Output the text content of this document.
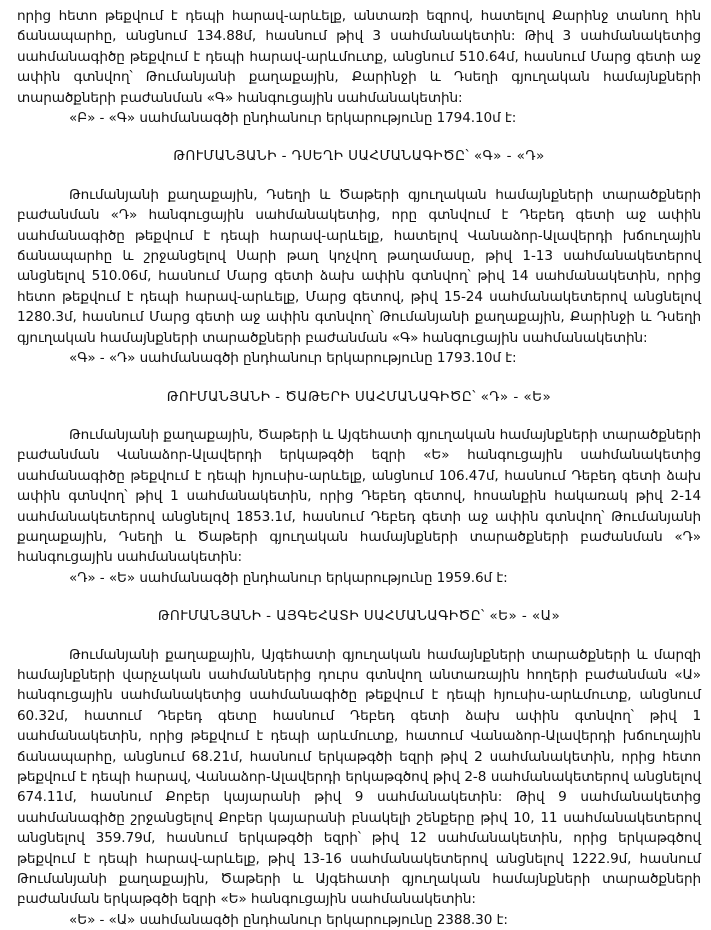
որից հետո թեքվում է դեպի հարավ-արևելք, անտառի եզրով, հատելով Քարինջ տանող հին ճանապարհը, անցնում 134.88մ, հասնում թիվ 3 սահմանակետին: Թիվ 3 սահմանակետից սահմանագիծը թեքվում է դեպի հարավ-արևմուտք, անցնում 510.64մ, հասնում Մարց գետի աջ ափին գտնվող՝ Թումանյանի քաղաքային, Քարինջի և Դսեղի գյուղական համայնքների տարածքների բաժանման «Գ» հանգուցային սահմանակետին:

«Բ» - «Գ» սահմանագծի ընդհանուր երկարությունը 1794.10մ է:

ԹՈՒՄԱՆՅԱՆԻ - ԴՍԵՂԻ ՍԱՀՄԱՆԱԳԻԾԸ՝ «Գ» - «Դ»

Թումանյանի քաղաքային, Դսեղի և Ծաթերի գյուղական համայնքների տարածքների բաժանման «Դ» հանգուցային սահմանակետից, որը գտնվում է Դեբեդ գետի աջ ափին սահմանագիծը թեքվում է դեպի հարավ-արևելք, հատելով Վանաձոր-Ալավերդի խճուղային ճանապարհը և շրջանցելով Սարի թաղ կոչվող թաղամասը, թիվ 1-13 սահմանակետերով անցնելով 510.06մ, հասնում Մարց գետի ձախ ափին գտնվող՝ թիվ 14 սահմանակետին, որից հետո թեքվում է դեպի հարավ-արևելք, Մարց գետով, թիվ 15-24 սահմանակետերով անցնելով 1280.3մ, հասնում Մարց գետի աջ ափին գտնվող՝ Թումանյանի քաղաքային, Քարինջի և Դսեղի գյուղական համայնքների տարածքների բաժանման «Գ» հանգուցային սահմանակետին:

«Գ» - «Դ» սահմանագծի ընդհանուր երկարությունը 1793.10մ է:

ԹՈՒՄԱՆՅԱՆԻ - ԾԱԹԵՐԻ ՍԱՀՄԱՆԱԳԻԾԸ՝ «Դ» - «Ե»

Թումանյանի քաղաքային, Ծաթերի և Այգեհատի գյուղական համայնքների տարածքների բաժանման Վանաձոր-Ալավերդի երկաթգծի եզրի «Ե» հանգուցային սահմանակետից սահմանագիծը թեքվում է դեպի հյուսիս-արևելք, անցնում 106.47մ, հասնում Դեբեդ գետի ձախ ափին գտնվող՝ թիվ 1 սահմանակետին, որից Դեբեդ գետով, հոսանքին հակառակ թիվ 2-14 սահմանակետերով անցնելով 1853.1մ, հասնում Դեբեդ գետի աջ ափին գտնվող՝ Թումանյանի քաղաքային, Դսեղի և Ծաթերի գյուղական համայնքների տարածքների բաժանման «Դ» հանգուցային սահմանակետին:

«Դ» - «Ե» սահմանագծի ընդհանուր երկարությունը 1959.6մ է:

ԹՈՒՄԱՆՅԱՆԻ - ԱՅԳԵՀԱՏԻ ՍԱՀՄԱՆԱԳԻԾԸ՝ «Ե» - «Ա»

Թումանյանի քաղաքային, Այգեհատի գյուղական համայնքների տարածքների և մարզի համայնքների վարչական սահմաններից դուրս գտնվող անտառային հողերի բաժանման «Ա» հանգուցային սահմանակետից սահմանագիծը թեքվում է դեպի հյուսիս-արևմուտք, անցնում 60.32մ, հատում Դեբեդ գետը հասնում Դեբեդ գետի ձախ ափին գտնվող՝ թիվ 1 սահմանակետին, որից թեքվում է դեպի արևմուտք, հատում Վանաձոր-Ալավերդի խճուղային ճանապարհը, անցնում 68.21մ, հասնում երկաթգծի եզրի թիվ 2 սահմանակետին, որից հետո թեքվում է դեպի հարավ, Վանաձոր-Ալավերդի երկաթգծով թիվ 2-8 սահմանակետերով անցնելով 674.11մ, հասնում Քոբեր կայարանի թիվ 9 սահմանակետին: Թիվ 9 սահմանակետից սահմանագիծը շրջանցելով Քոբեր կայարանի բնակելի շենքերը թիվ 10, 11 սահմանակետերով անցնելով 359.79մ, հասնում երկաթգծի եզրի՝ թիվ 12 սահմանակետին, որից երկաթգծով թեքվում է դեպի հարավ-արևելք, թիվ 13-16 սահմանակետերով անցնելով 1222.9մ, հասնում Թումանյանի քաղաքային, Ծաթերի և Այգեհատի գյուղական համայնքների տարածքների բաժանման երկաթգծի եզրի «Ե» հանգուցային սահմանակետին:

«Ե» - «Ա» սահմանագծի ընդհանուր երկարությունը 2388.30 է:
